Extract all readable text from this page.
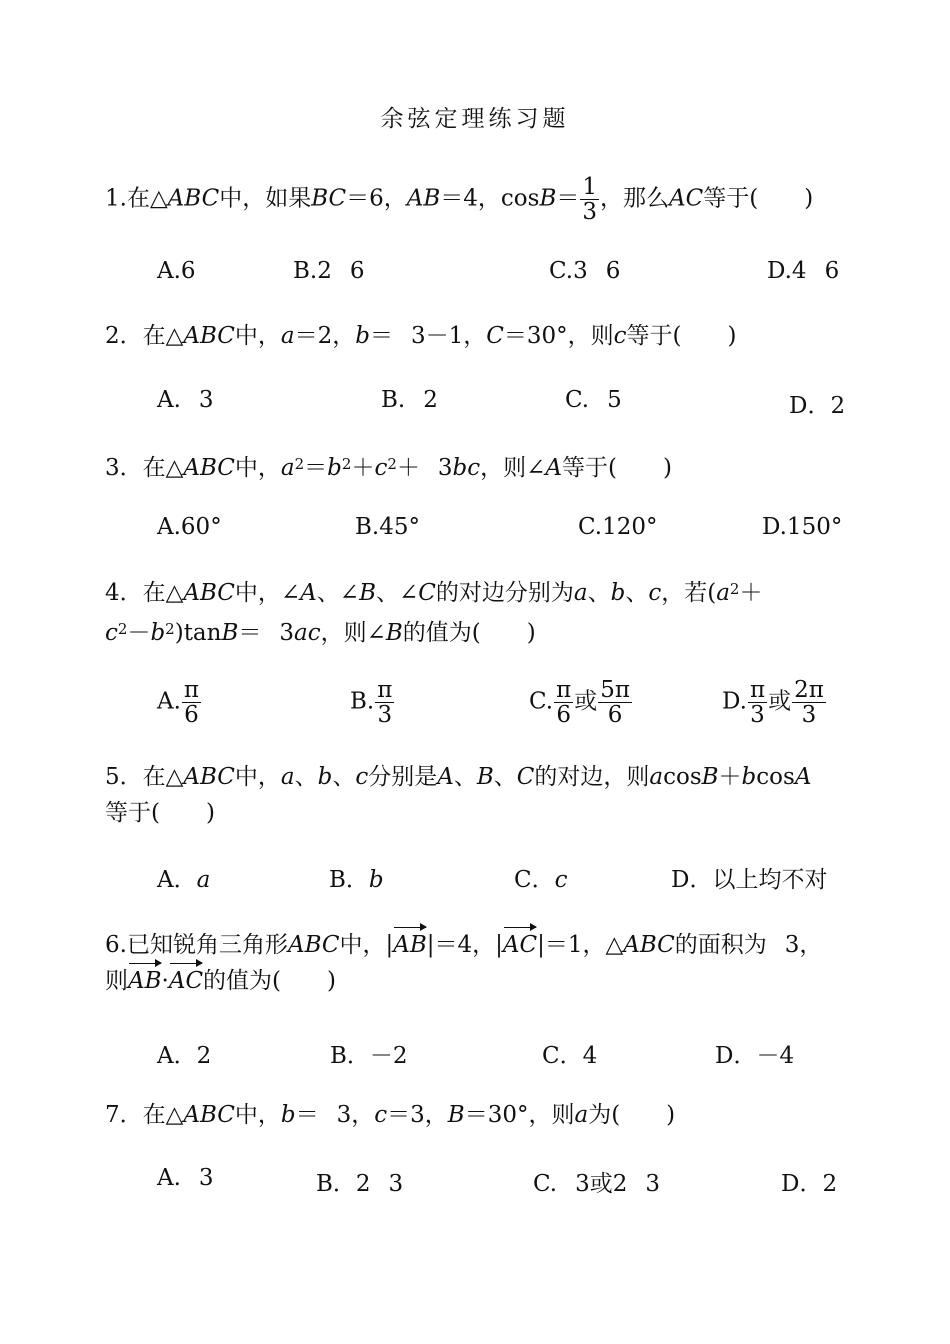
余弦定理练习题
1.在△ABC中，如果BC＝6，AB＝4，$\cos B= \frac{1}{3}$ ，那么AC等于(　　)
A.6	B.2 6	C.3 6	D.4 6
2．在△ABC中，a＝2，b＝ 3－1，C＝30°，则c等于(　　)
A. 3	B. 2	C. 5	D．2
3．在△ABC中，$a^2=b^2+c^2+ 3bc$，则∠A等于(　　)
A.60°	B.45°	C.120°	D.150°
4．在△ABC中，∠A、∠B、∠C的对边分别为a、b、c，若($a^2+$
$c^2-b^2)\tan B= 3ac$，则∠B的值为(　　)
A. $\frac{\pi}{6}$	B. $\frac{\pi}{3}$	C. $\frac{\pi}{6}$ 或 $\frac{5\pi}{6}$	D. $\frac{\pi}{3}$ 或 $\frac{2\pi}{3}$
5．在△ABC中，a、b、c分别是A、B、C的对边，则acosB＋bcosA
等于(　　)
A．a	B．b	C．c	D．以上均不对
6.已知锐角三角形ABC中，|AB|＝4，|AC|＝1，△ABC的面积为 3，
则AB·AC的值为(　　)
A．2	B．－2	C．4	D．－4
7．在△ABC中，b＝ 3，c＝3，B＝30°，则a为(　　)
A. 3	B．2 3	C. 3或2 3	D．2
